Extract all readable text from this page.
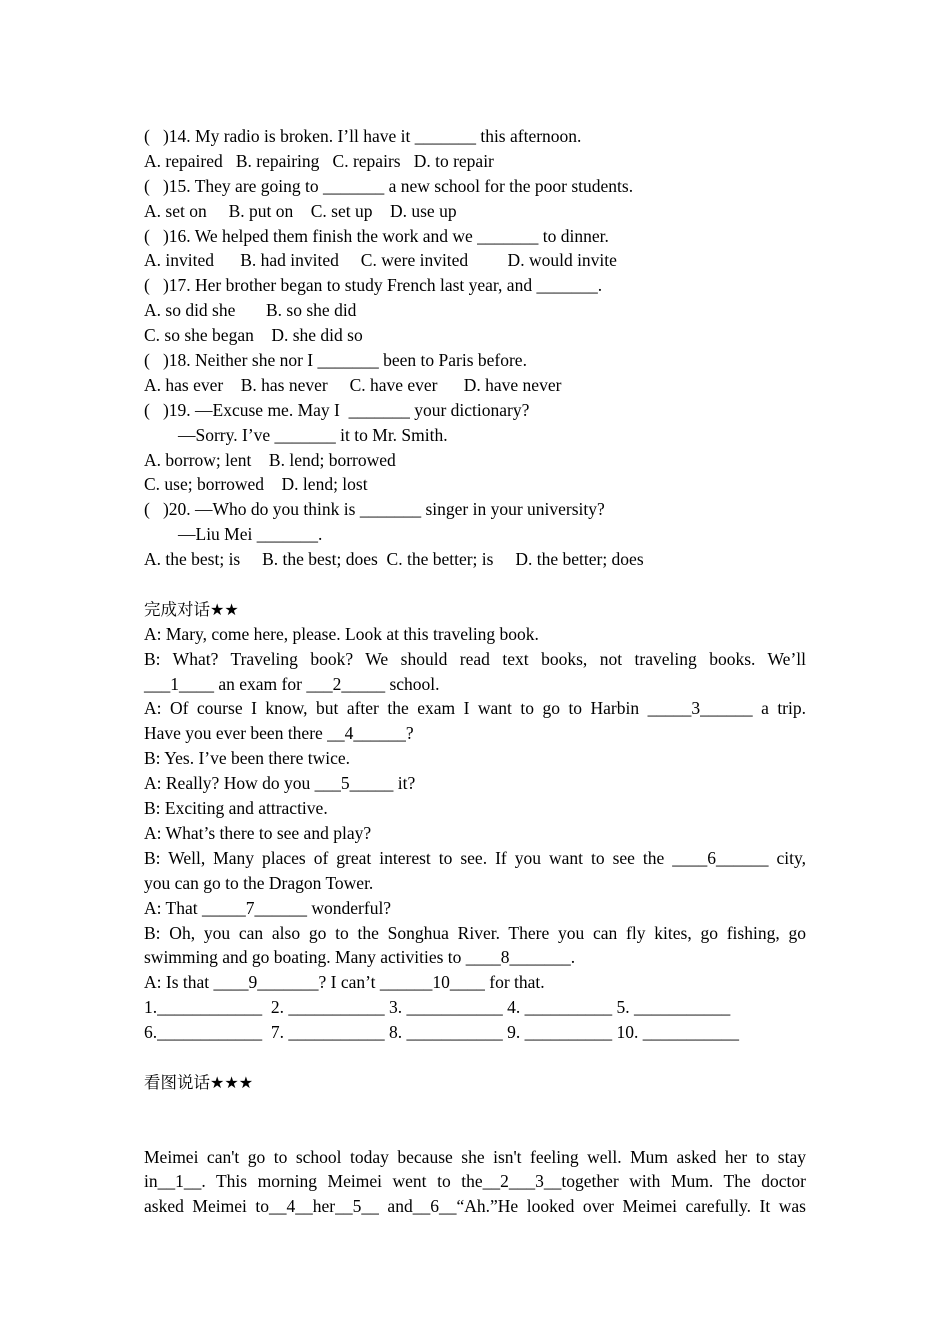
(   )14. My radio is broken. I’ll have it _______ this afternoon.
A. repaired   B. repairing   C. repairs   D. to repair
(   )15. They are going to _______ a new school for the poor students.
A. set on     B. put on    C. set up    D. use up
(   )16. We helped them finish the work and we _______ to dinner.
A. invited      B. had invited     C. were invited         D. would invite
(   )17. Her brother began to study French last year, and _______.
A. so did she       B. so she did
C. so she began    D. she did so
(   )18. Neither she nor I _______ been to Paris before.
A. has ever    B. has never     C. have ever      D. have never
(   )19. —Excuse me. May I  _______ your dictionary?
—Sorry. I’ve _______ it to Mr. Smith.
A. borrow; lent    B. lend; borrowed
C. use; borrowed    D. lend; lost
(   )20. —Who do you think is _______ singer in your university?
—Liu Mei _______.
A. the best; is     B. the best; does  C. the better; is     D. the better; does
完成对话★★
A: Mary, come here, please. Look at this traveling book.
B: What? Traveling book? We should read text books, not traveling books. We’ll
___1____ an exam for ___2_____ school.
A: Of course I know, but after the exam I want to go to Harbin _____3______ a trip.
Have you ever been there __4______?
B: Yes. I’ve been there twice.
A: Really? How do you ___5_____ it?
B: Exciting and attractive.
A: What’s there to see and play?
B: Well, Many places of great interest to see. If you want to see the ____6______ city,
you can go to the Dragon Tower.
A: That _____7______ wonderful?
B: Oh, you can also go to the Songhua River. There you can fly kites, go fishing, go
swimming and go boating. Many activities to ____8_______.
A: Is that ____9_______? I can’t ______10____ for that.
1.____________  2. ___________ 3. ___________ 4. __________ 5. ___________
6.____________  7. ___________ 8. ___________ 9. __________ 10. ___________
看图说话★★★
Meimei can't go to school today because she isn't feeling well. Mum asked her to stay
in__1__. This morning Meimei went to the__2___3__together with Mum. The doctor
asked Meimei to__4__her__5__ and__6__“Ah.”He looked over Meimei carefully. It was
